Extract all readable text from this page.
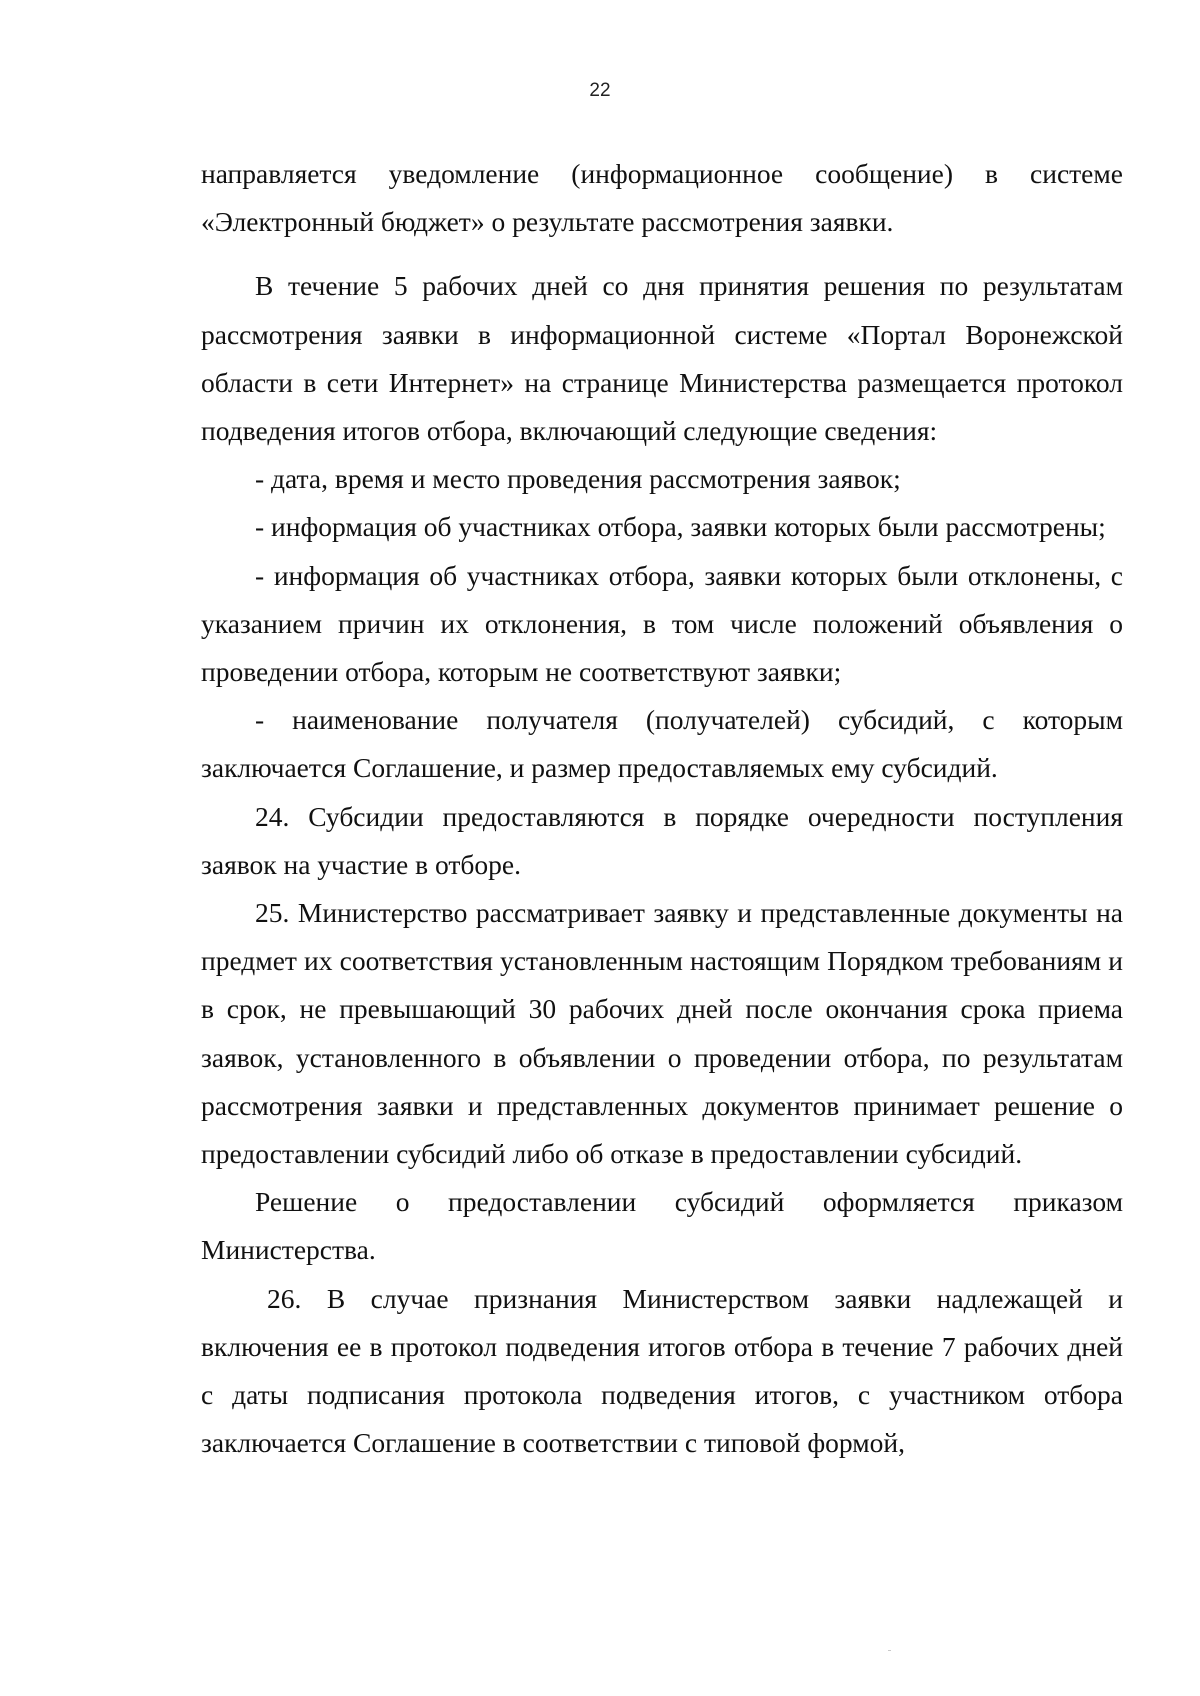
22

направляется уведомление (информационное сообщение) в системе «Электронный бюджет» о результате рассмотрения заявки.

В течение 5 рабочих дней со дня принятия решения по результатам рассмотрения заявки в информационной системе «Портал Воронежской области в сети Интернет» на странице Министерства размещается протокол подведения итогов отбора, включающий следующие сведения:

- дата, время и место проведения рассмотрения заявок;

- информация об участниках отбора, заявки которых были рассмотрены;

- информация об участниках отбора, заявки которых были отклонены, с указанием причин их отклонения, в том числе положений объявления о проведении отбора, которым не соответствуют заявки;

- наименование получателя (получателей) субсидий, с которым заключается Соглашение, и размер предоставляемых ему субсидий.

24. Субсидии предоставляются в порядке очередности поступления заявок на участие в отборе.

25. Министерство рассматривает заявку и представленные документы на предмет их соответствия установленным настоящим Порядком требованиям и в срок, не превышающий 30 рабочих дней после окончания срока приема заявок, установленного в объявлении о проведении отбора, по результатам рассмотрения заявки и представленных документов принимает решение о предоставлении субсидий либо об отказе в предоставлении субсидий.

Решение о предоставлении субсидий оформляется приказом Министерства.

26. В случае признания Министерством заявки надлежащей и включения ее в протокол подведения итогов отбора в течение 7 рабочих дней с даты подписания протокола подведения итогов, с участником отбора заключается Соглашение в соответствии с типовой формой,
